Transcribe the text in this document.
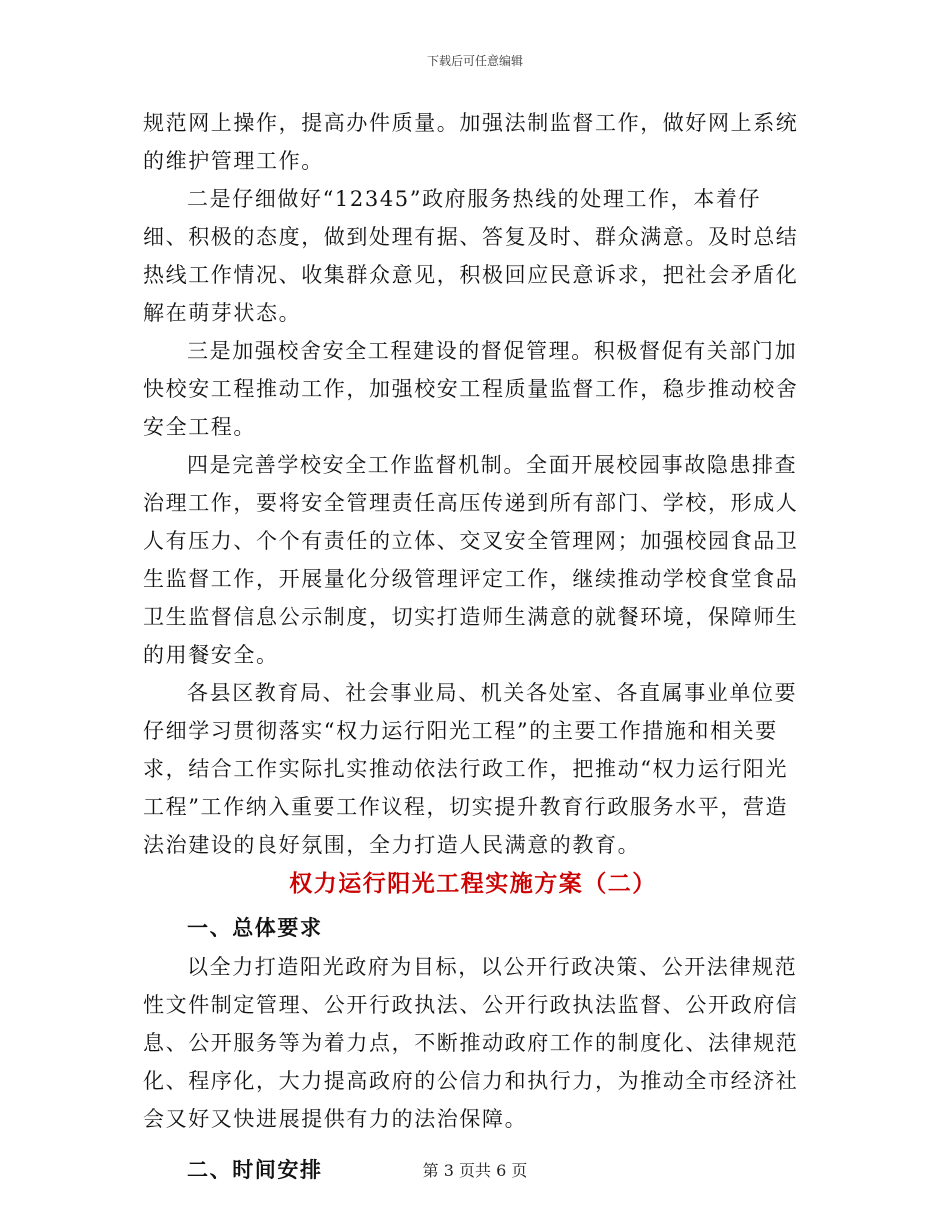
下载后可任意编辑

规范网上操作，提高办件质量。加强法制监督工作，做好网上系统的维护管理工作。

二是仔细做好“12345”政府服务热线的处理工作，本着仔细、积极的态度，做到处理有据、答复及时、群众满意。及时总结热线工作情况、收集群众意见，积极回应民意诉求，把社会矛盾化解在萌芽状态。

三是加强校舍安全工程建设的督促管理。积极督促有关部门加快校安工程推动工作，加强校安工程质量监督工作，稳步推动校舍安全工程。

四是完善学校安全工作监督机制。全面开展校园事故隐患排查治理工作，要将安全管理责任高压传递到所有部门、学校，形成人人有压力、个个有责任的立体、交叉安全管理网；加强校园食品卫生监督工作，开展量化分级管理评定工作，继续推动学校食堂食品卫生监督信息公示制度，切实打造师生满意的就餐环境，保障师生的用餐安全。

各县区教育局、社会事业局、机关各处室、各直属事业单位要仔细学习贯彻落实“权力运行阳光工程”的主要工作措施和相关要求，结合工作实际扎实推动依法行政工作，把推动“权力运行阳光工程”工作纳入重要工作议程，切实提升教育行政服务水平，营造法治建设的良好氛围，全力打造人民满意的教育。

权力运行阳光工程实施方案（二）

一、总体要求

以全力打造阳光政府为目标，以公开行政决策、公开法律规范性文件制定管理、公开行政执法、公开行政执法监督、公开政府信息、公开服务等为着力点，不断推动政府工作的制度化、法律规范化、程序化，大力提高政府的公信力和执行力，为推动全市经济社会又好又快进展提供有力的法治保障。

二、时间安排	第 3 页共 6 页
